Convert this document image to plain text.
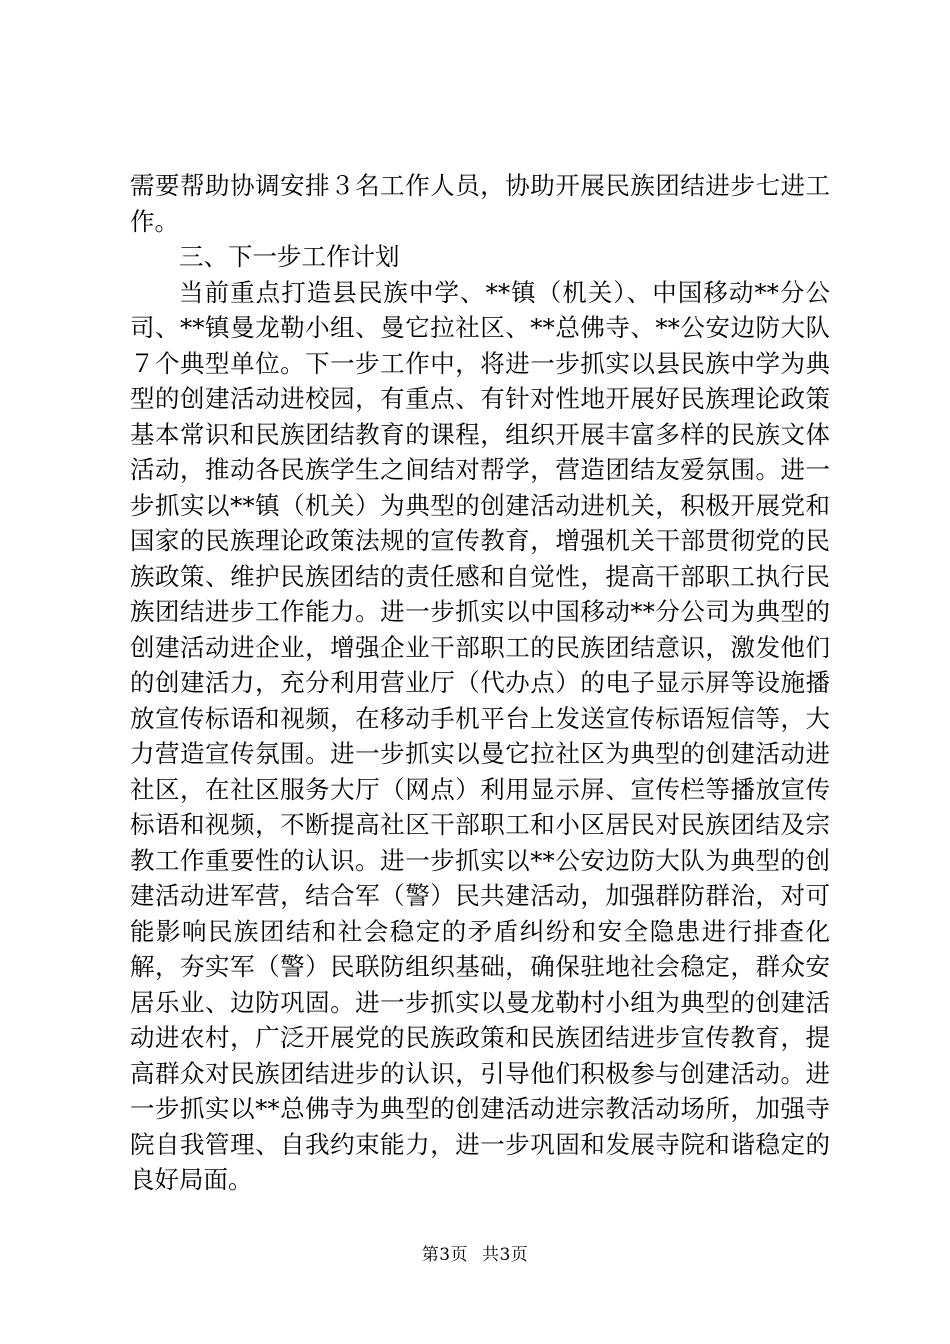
需要帮助协调安排３名工作人员，协助开展民族团结进步七进工作。

三、下一步工作计划

当前重点打造县民族中学、**镇（机关）、中国移动**分公司、**镇曼龙勒小组、曼它拉社区、**总佛寺、**公安边防大队７个典型单位。下一步工作中，将进一步抓实以县民族中学为典型的创建活动进校园，有重点、有针对性地开展好民族理论政策基本常识和民族团结教育的课程，组织开展丰富多样的民族文体活动，推动各民族学生之间结对帮学，营造团结友爱氛围。进一步抓实以**镇（机关）为典型的创建活动进机关，积极开展党和国家的民族理论政策法规的宣传教育，增强机关干部贯彻党的民族政策、维护民族团结的责任感和自觉性，提高干部职工执行民族团结进步工作能力。进一步抓实以中国移动**分公司为典型的创建活动进企业，增强企业干部职工的民族团结意识，激发他们的创建活力，充分利用营业厅（代办点）的电子显示屏等设施播放宣传标语和视频，在移动手机平台上发送宣传标语短信等，大力营造宣传氛围。进一步抓实以曼它拉社区为典型的创建活动进社区，在社区服务大厅（网点）利用显示屏、宣传栏等播放宣传标语和视频，不断提高社区干部职工和小区居民对民族团结及宗教工作重要性的认识。进一步抓实以**公安边防大队为典型的创建活动进军营，结合军（警）民共建活动，加强群防群治，对可能影响民族团结和社会稳定的矛盾纠纷和安全隐患进行排查化解，夯实军（警）民联防组织基础，确保驻地社会稳定，群众安居乐业、边防巩固。进一步抓实以曼龙勒村小组为典型的创建活动进农村，广泛开展党的民族政策和民族团结进步宣传教育，提高群众对民族团结进步的认识，引导他们积极参与创建活动。进一步抓实以**总佛寺为典型的创建活动进宗教活动场所，加强寺院自我管理、自我约束能力，进一步巩固和发展寺院和谐稳定的良好局面。

第3页 共3页
